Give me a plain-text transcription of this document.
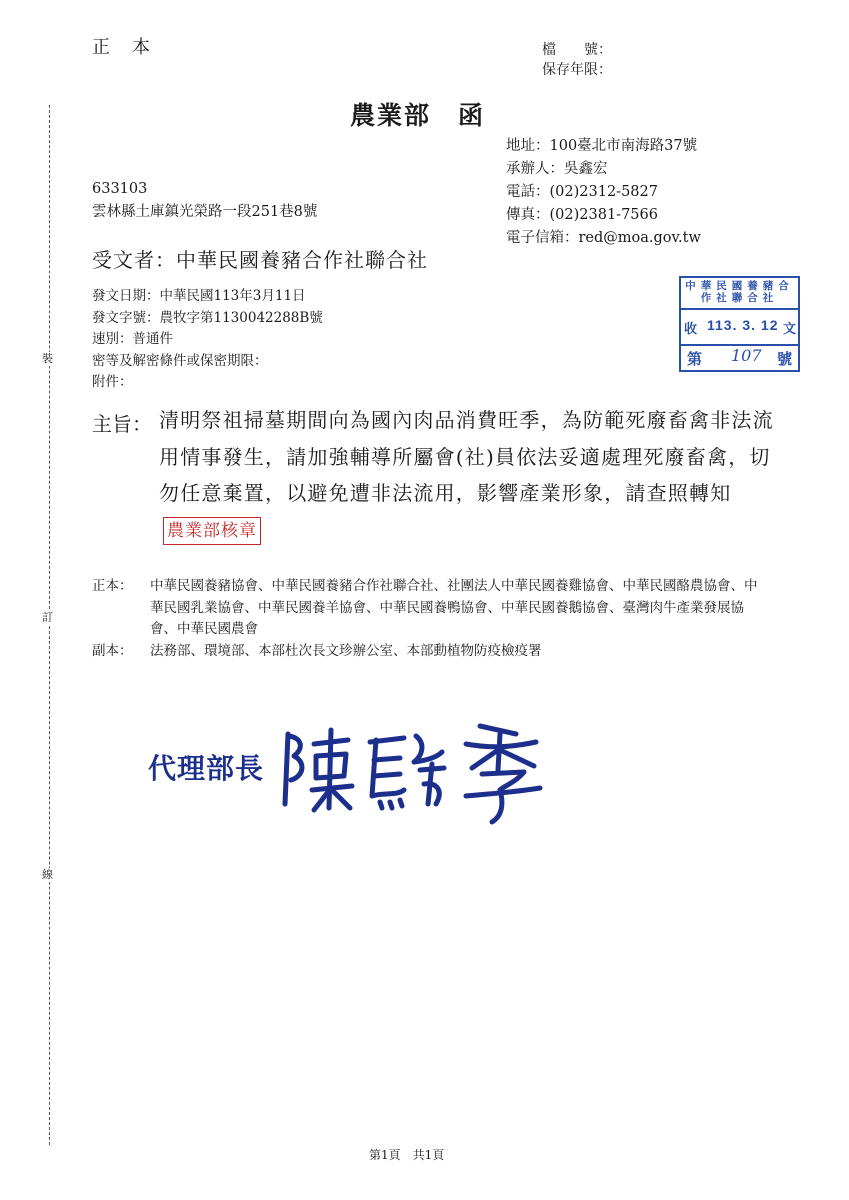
裝
訂
線
正本	檔　　號：
保存年限：
農業部　函
地址：100臺北市南海路37號
承辦人：吳鑫宏
電話：(02)2312-5827
傳真：(02)2381-7566
電子信箱：red@moa.gov.tw
633103
雲林縣土庫鎮光榮路一段251巷8號
受文者：中華民國養豬合作社聯合社
發文日期：中華民國113年3月11日
發文字號：農牧字第1130042288B號
速別：普通件
密等及解密條件或保密期限：
附件：
中華民國養豬合作社聯合社
收 113. 3. 12 文
第 107 號
主旨： 清明祭祖掃墓期間向為國內肉品消費旺季，為防範死廢畜禽非法流用情事發生，請加強輔導所屬會(社)員依法妥適處理死廢畜禽，切勿任意棄置，以避免遭非法流用，影響產業形象，請查照轉知農業部核章
正本： 中華民國養豬協會、中華民國養豬合作社聯合社、社團法人中華民國養雞協會、中華民國酪農協會、中華民國乳業協會、中華民國養羊協會、中華民國養鴨協會、中華民國養鵝協會、臺灣肉牛產業發展協會、中華民國農會
副本： 法務部、環境部、本部杜次長文珍辦公室、本部動植物防疫檢疫署
代理部長
第1頁　共1頁
